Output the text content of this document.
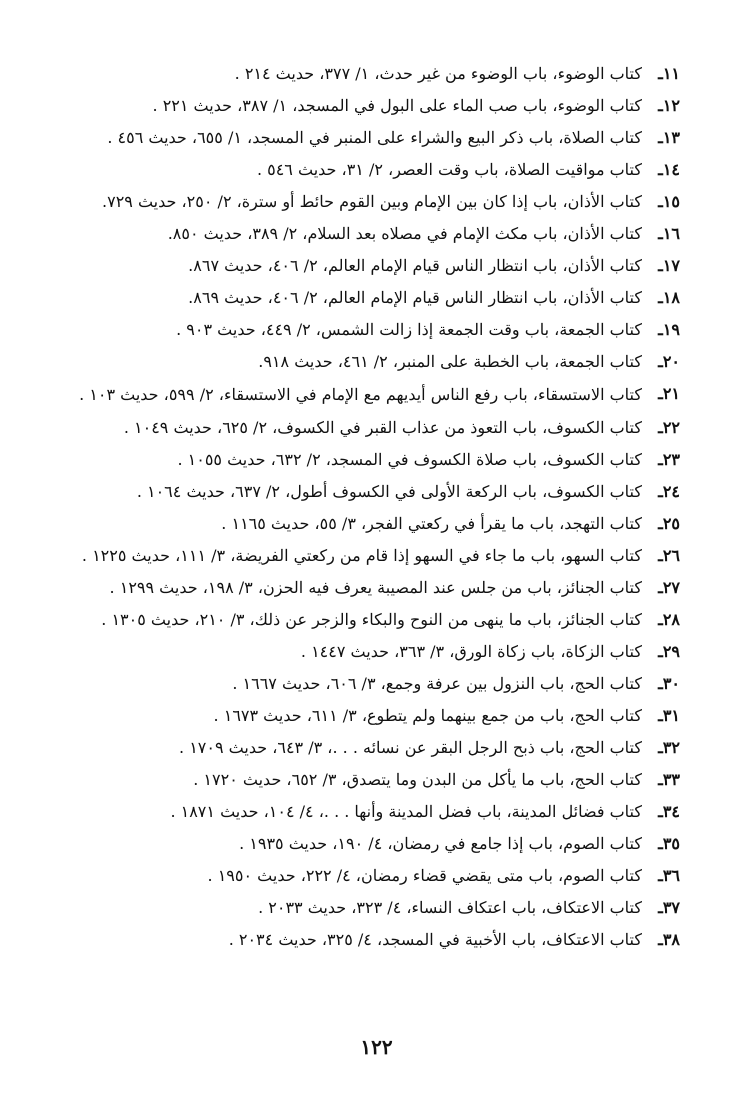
١١ـ
كتاب الوضوء، باب الوضوء من غير حدث، ١/ ٣٧٧، حديث ٢١٤ .
١٢ـ
كتاب الوضوء، باب صب الماء على البول في المسجد، ١/ ٣٨٧، حديث ٢٢١ .
١٣ـ
كتاب الصلاة، باب ذكر البيع والشراء على المنبر في المسجد، ١/ ٦٥٥، حديث ٤٥٦ .
١٤ـ
كتاب مواقيت الصلاة، باب وقت العصر، ٢/ ٣١، حديث ٥٤٦ .
١٥ـ
كتاب الأذان، باب إذا كان بين الإمام وبين القوم حائط أو سترة، ٢/ ٢٥٠، حديث ٧٢٩.
١٦ـ
كتاب الأذان، باب مكث الإمام في مصلاه بعد السلام، ٢/ ٣٨٩، حديث ٨٥٠.
١٧ـ
كتاب الأذان، باب انتظار الناس قيام الإمام العالم، ٢/ ٤٠٦، حديث ٨٦٧.
١٨ـ
كتاب الأذان، باب انتظار الناس قيام الإمام العالم، ٢/ ٤٠٦، حديث ٨٦٩.
١٩ـ
كتاب الجمعة، باب وقت الجمعة إذا زالت الشمس، ٢/ ٤٤٩، حديث ٩٠٣ .
٢٠ـ
كتاب الجمعة، باب الخطبة على المنبر، ٢/ ٤٦١، حديث ٩١٨.
٢١ـ
كتاب الاستسقاء، باب رفع الناس أيديهم مع الإمام في الاستسقاء، ٢/ ٥٩٩، حديث ١٠٣ .
٢٢ـ
كتاب الكسوف، باب التعوذ من عذاب القبر في الكسوف، ٢/ ٦٢٥، حديث ١٠٤٩ .
٢٣ـ
كتاب الكسوف، باب صلاة الكسوف في المسجد، ٢/ ٦٣٢، حديث ١٠٥٥ .
٢٤ـ
كتاب الكسوف، باب الركعة الأولى في الكسوف أطول، ٢/ ٦٣٧، حديث ١٠٦٤ .
٢٥ـ
كتاب التهجد، باب ما يقرأ في ركعتي الفجر، ٣/ ٥٥، حديث ١١٦٥ .
٢٦ـ
كتاب السهو، باب ما جاء في السهو إذا قام من ركعتي الفريضة، ٣/ ١١١، حديث ١٢٢٥ .
٢٧ـ
كتاب الجنائز، باب من جلس عند المصيبة يعرف فيه الحزن، ٣/ ١٩٨، حديث ١٢٩٩ .
٢٨ـ
كتاب الجنائز، باب ما ينهى من النوح والبكاء والزجر عن ذلك، ٣/ ٢١٠، حديث ١٣٠٥ .
٢٩ـ
كتاب الزكاة، باب زكاة الورق، ٣/ ٣٦٣، حديث ١٤٤٧ .
٣٠ـ
كتاب الحج، باب النزول بين عرفة وجمع، ٣/ ٦٠٦، حديث ١٦٦٧ .
٣١ـ
كتاب الحج، باب من جمع بينهما ولم يتطوع، ٣/ ٦١١، حديث ١٦٧٣ .
٣٢ـ
كتاب الحج، باب ذبح الرجل البقر عن نسائه . . .، ٣/ ٦٤٣، حديث ١٧٠٩ .
٣٣ـ
كتاب الحج، باب ما يأكل من البدن وما يتصدق، ٣/ ٦٥٢، حديث ١٧٢٠ .
٣٤ـ
كتاب فضائل المدينة، باب فضل المدينة وأنها . . .، ٤/ ١٠٤، حديث ١٨٧١ .
٣٥ـ
كتاب الصوم، باب إذا جامع في رمضان، ٤/ ١٩٠، حديث ١٩٣٥ .
٣٦ـ
كتاب الصوم، باب متى يقضي قضاء رمضان، ٤/ ٢٢٢، حديث ١٩٥٠ .
٣٧ـ
كتاب الاعتكاف، باب اعتكاف النساء، ٤/ ٣٢٣، حديث ٢٠٣٣ .
٣٨ـ
كتاب الاعتكاف، باب الأخبية في المسجد، ٤/ ٣٢٥، حديث ٢٠٣٤ .
١٢٢
